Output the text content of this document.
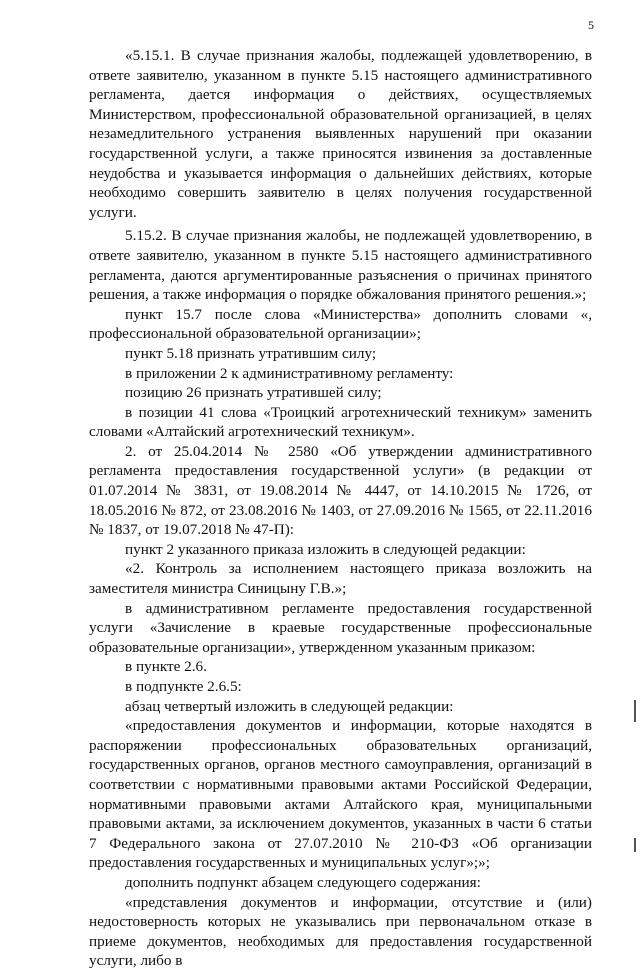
5

«5.15.1. В случае признания жалобы, подлежащей удовлетворению, в ответе заявителю, указанном в пункте 5.15 настоящего административного регламента, дается информация о действиях, осуществляемых Министерством, профессиональной образовательной организацией, в целях незамедлительного устранения выявленных нарушений при оказании государственной услуги, а также приносятся извинения за доставленные неудобства и указывается информация о дальнейших действиях, которые необходимо совершить заявителю в целях получения государственной услуги.

5.15.2. В случае признания жалобы, не подлежащей удовлетворению, в ответе заявителю, указанном в пункте 5.15 настоящего административного регламента, даются аргументированные разъяснения о причинах принятого решения, а также информация о порядке обжалования принятого решения.»;

пункт 15.7 после слова «Министерства» дополнить словами «, профессиональной образовательной организации»;

пункт 5.18 признать утратившим силу;

в приложении 2 к административному регламенту:

позицию 26 признать утратившей силу;

в позиции 41 слова «Троицкий агротехнический техникум» заменить словами «Алтайский агротехнический техникум».

2. от 25.04.2014 № 2580 «Об утверждении административного регламента предоставления государственной услуги» (в редакции от 01.07.2014 № 3831, от 19.08.2014 № 4447, от 14.10.2015 № 1726, от 18.05.2016 № 872, от 23.08.2016 № 1403, от 27.09.2016 № 1565, от 22.11.2016 № 1837, от 19.07.2018 № 47-П):

пункт 2 указанного приказа изложить в следующей редакции:

«2. Контроль за исполнением настоящего приказа возложить на заместителя министра Синицыну Г.В.»;

в административном регламенте предоставления государственной услуги «Зачисление в краевые государственные профессиональные образовательные организации», утвержденном указанным приказом:

в пункте 2.6.

в подпункте 2.6.5:

абзац четвертый изложить в следующей редакции:

«предоставления документов и информации, которые находятся в распоряжении профессиональных образовательных организаций, государственных органов, органов местного самоуправления, организаций в соответствии с нормативными правовыми актами Российской Федерации, нормативными правовыми актами Алтайского края, муниципальными правовыми актами, за исключением документов, указанных в части 6 статьи 7 Федерального закона от 27.07.2010 № 210-ФЗ «Об организации предоставления государственных и муниципальных услуг»;»;

дополнить подпункт абзацем следующего содержания:

«представления документов и информации, отсутствие и (или) недостоверность которых не указывались при первоначальном отказе в приеме документов, необходимых для предоставления государственной услуги, либо в
